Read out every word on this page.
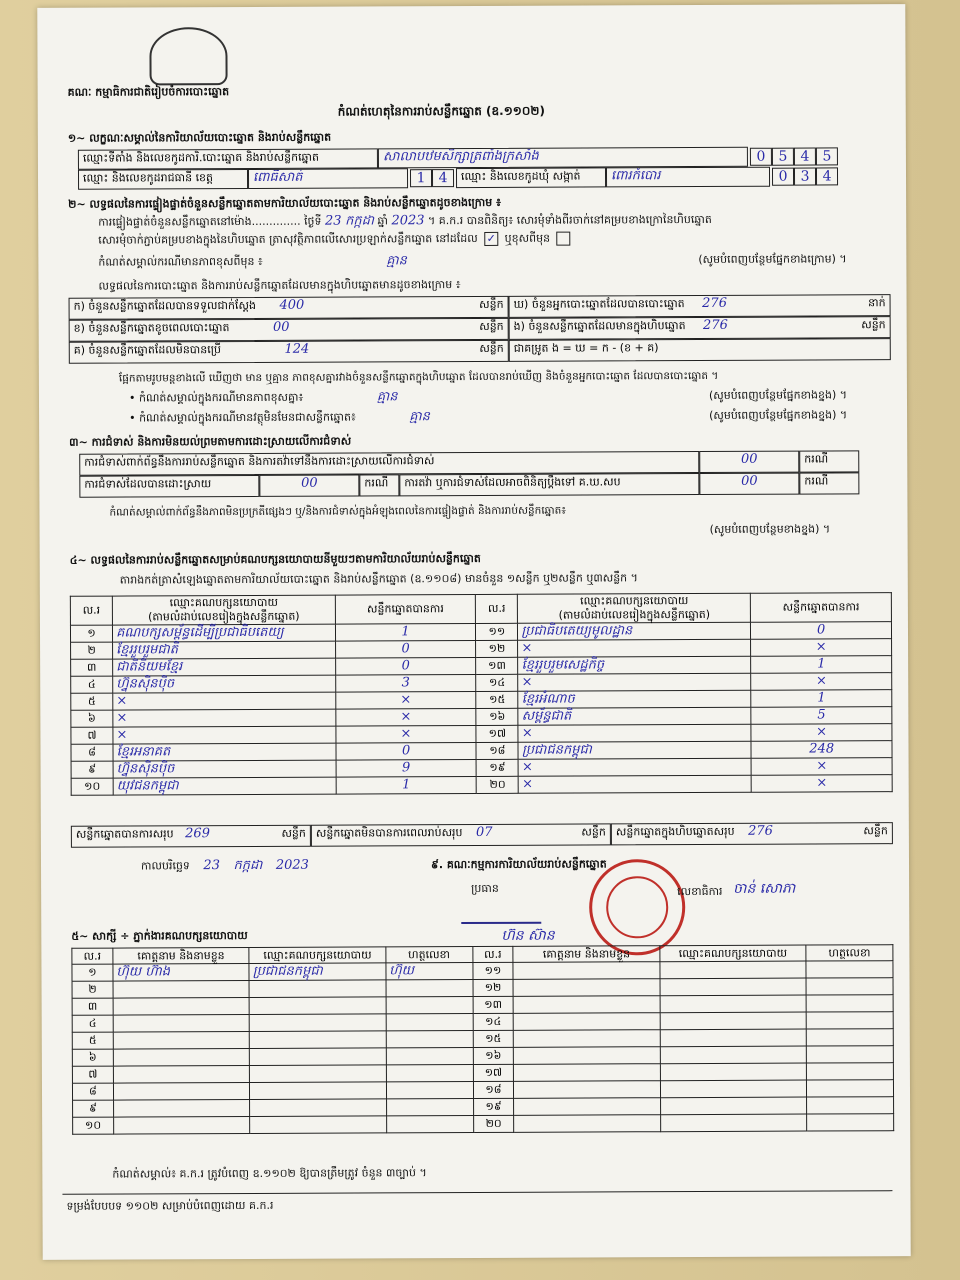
គណៈ កម្មាធិការជាតិរៀបចំការបោះឆ្នោត
កំណត់ហេតុនៃការរាប់សន្លឹកឆ្នោត (ឧ.១១០២)
១~ លក្ខណៈសម្គាល់នៃការិយាល័យបោះឆ្នោត និងរាប់សន្លឹកឆ្នោត
ឈ្មោះទីតាំង និងលេខកូដការិ.បោះឆ្នោត និងរាប់សន្លឹកឆ្នោត	សាលាបឋមសិក្សាត្រពាំងក្រសាំង	0 5 4 5
ឈ្មោះ និងលេខកូដរាជធានី ខេត្ត	ពោធិ៍សាត់	1 4	ឈ្មោះ និងលេខកូដឃុំ សង្កាត់	ពោរកំបោរ	0 3 4
២~ លទ្ធផលនៃការផ្ទៀងផ្ទាត់ចំនួនសន្លឹកឆ្នោតតាមការិយាល័យបោះឆ្នោត និងរាប់សន្លឹកឆ្នោតដូចខាងក្រោម ៖
ការផ្ទៀងផ្ទាត់ចំនួនសន្លឹកឆ្នោតនៅម៉ោង.............. ថ្ងៃទី 23 កក្កដា ឆ្នាំ 2023 ។ គ.ក.រ បានពិនិត្យ៖ សោរមុំទាំងពីរចាក់នៅគម្របខាងក្រោនៃហិបឆ្នោត
សោរមុំចាក់ភ្ជាប់គម្របខាងក្នុងនៃហិបឆ្នោត ត្រាសុវត្ថិភាពលើសោរ​ប្រឡាក់សន្លឹកឆ្នោត នៅដដែល ✓ ឬខុសពីមុន
កំណត់សម្គាល់ករណីមានភាពខុសពីមុន ៖	គ្មាន	(សូមបំពេញបន្ថែមផ្នែកខាងក្រោម) ។
លទ្ធផលនៃការបោះឆ្នោត និងការរាប់សន្លឹកឆ្នោតដែលមានក្នុងហិបឆ្នោតមានដូចខាងក្រោម ៖
ក) ចំនួនសន្លឹកឆ្នោតដែលបានទទួលជាក់ស្តែង 400	សន្លឹក ឃ) ចំនួនអ្នកបោះឆ្នោតដែលបានបោះឆ្នោត 276	នាក់
ខ) ចំនួនសន្លឹកឆ្នោតខូចពេលបោះឆ្នោត	00	សន្លឹក ង) ចំនួនសន្លឹកឆ្នោតដែលមានក្នុងហិបឆ្នោត 276	សន្លឹក
គ) ចំនួនសន្លឹកឆ្នោតដែលមិនបានប្រើ	124	សន្លឹក ជាគម្រូត ង = ឃ = ក - (ខ + គ)
ផ្អែកតាមរូបមន្តខាងលើ ឃើញថា មាន ឬគ្មាន ភាពខុសគ្នារវាងចំនួនសន្លឹកឆ្នោតក្នុងហិបឆ្នោត ដែលបានរាប់ឃើញ និងចំនួនអ្នកបោះឆ្នោត ដែលបានបោះឆ្នោត ។
• កំណត់សម្គាល់ក្នុងករណីមានភាពខុសគ្នា៖	គ្មាន	(សូមបំពេញបន្ថែមផ្នែកខាងខ្នង) ។
• កំណត់សម្គាល់ក្នុងករណីមានវត្ថុមិនមែនជាសន្លឹកឆ្នោត៖	គ្មាន	(សូមបំពេញបន្ថែមផ្នែកខាងខ្នង) ។
៣~ ការជំទាស់ និងការមិនយល់ព្រមតាមការដោះស្រាយលើការជំទាស់
ការជំទាស់ពាក់ព័ន្ធនឹងការរាប់សន្លឹកឆ្នោត និងការតវ៉ាទៅនឹងការដោះស្រាយលើការជំទាស់	00	ករណី
ការជំទាស់ដែលបានដោះស្រាយ	00	ករណី	ការតវ៉ា ឬការជំទាស់ដែលអាចពិនិត្យប្តឹងទៅ គ.ឃ.សប	00	ករណី
កំណត់សម្គាល់ពាក់ព័ន្ធនឹងភាពមិនប្រក្រតីផ្សេងៗ ឬ/និងការជំទាស់ក្នុងអំឡុងពេលនៃការផ្ទៀងផ្ទាត់ និងការរាប់សន្លឹកឆ្នោត៖
(សូមបំពេញបន្ថែមខាងខ្នង) ។
៤~ លទ្ធផលនៃការរាប់សន្លឹកឆ្នោតសម្រាប់គណបក្សនយោបាយនីមួយៗតាមការិយាល័យរាប់សន្លឹកឆ្នោត
តារាងកត់ត្រាសំឡេងឆ្នោតតាមការិយាល័យបោះឆ្នោត និងរាប់សន្លឹកឆ្នោត (ឧ.១១០៨) មានចំនួន ១សន្លឹក ឬ២សន្លឹក ឬ៣សន្លឹក ។
ល.រ	ឈ្មោះគណបក្សនយោបាយ
(តាមលំដាប់លេខរៀងក្នុងសន្លឹកឆ្នោត)	សន្លឹកឆ្នោតបានការ	ល.រ	ឈ្មោះគណបក្សនយោបាយ
(តាមលំដាប់លេខរៀងក្នុងសន្លឹកឆ្នោត)	សន្លឹកឆ្នោតបានការ
១	គណបក្សសម្ព័ន្ធដើម្បីប្រជាធិបតេយ្យ	1	១១	ប្រជាធិបតេយ្យមូលដ្ឋាន	0
២	ខ្មែររួបរួមជាតិ	0	១២	×	×
៣	ជាតិនិយមខ្មែរ	0	១៣	ខ្មែររួបរួមសេដ្ឋកិច្ច	1
៤	ហ្វ៊ុនស៊ិនប៉ិច	3	១៤	×	×
៥	×	×	១៥	ខ្មែរអំណាច	1
៦	×	×	១៦	សម្ព័ន្ធជាតិ	5
៧	×	×	១៧	×	×
៨	ខ្មែរអនាគត	0	១៨	ប្រជាជនកម្ពុជា	248
៩	ហ្វ៊ុនស៊ិនប៉ិច	9	១៩	×	×
១០	យុវជនកម្ពុជា	1	២០	×	×
សន្លឹកឆ្នោតបានការសរុប 269	សន្លឹក សន្លឹកឆ្នោតមិនបានការពេលរាប់សរុប 07	សន្លឹក សន្លឹកឆ្នោតក្នុងហិបឆ្នោតសរុប 276	សន្លឹក
កាលបរិច្ឆេទ 23 កក្កដា 2023	៩. គណៈកម្មការការិយាល័យរាប់សន្លឹកឆ្នោត
ប្រធាន
ហ៊ន ស៊ាន
លេខាធិការ ចាន់ សោភា
៥~ សាក្សី ÷ ភ្នាក់ងារគណបក្សនយោបាយ
ល.រ	គោត្តនាម និងនាមខ្លួន	ឈ្មោះគណបក្សនយោបាយ	ហត្ថលេខា	ល.រ	គោត្តនាម និងនាមខ្លួន	ឈ្មោះគណបក្សនយោបាយ	ហត្ថលេខា
១	ហ៊ុយ ហ៊ាង	ប្រជាជនកម្ពុជា	ហ៊ុយ	១១			
២				១២			
៣				១៣			
៤				១៤			
៥				១៥			
៦				១៦			
៧				១៧			
៨				១៨			
៩				១៩			
១០				២០			
កំណត់សម្គាល់៖ គ.ក.រ ត្រូវបំពេញ ឧ.១១០២ ឱ្យបានត្រឹមត្រូវ ចំនួន ៣ច្បាប់ ។
ទម្រង់បែបបទ ១១០២ សម្រាប់បំពេញដោយ គ.ក.រ
